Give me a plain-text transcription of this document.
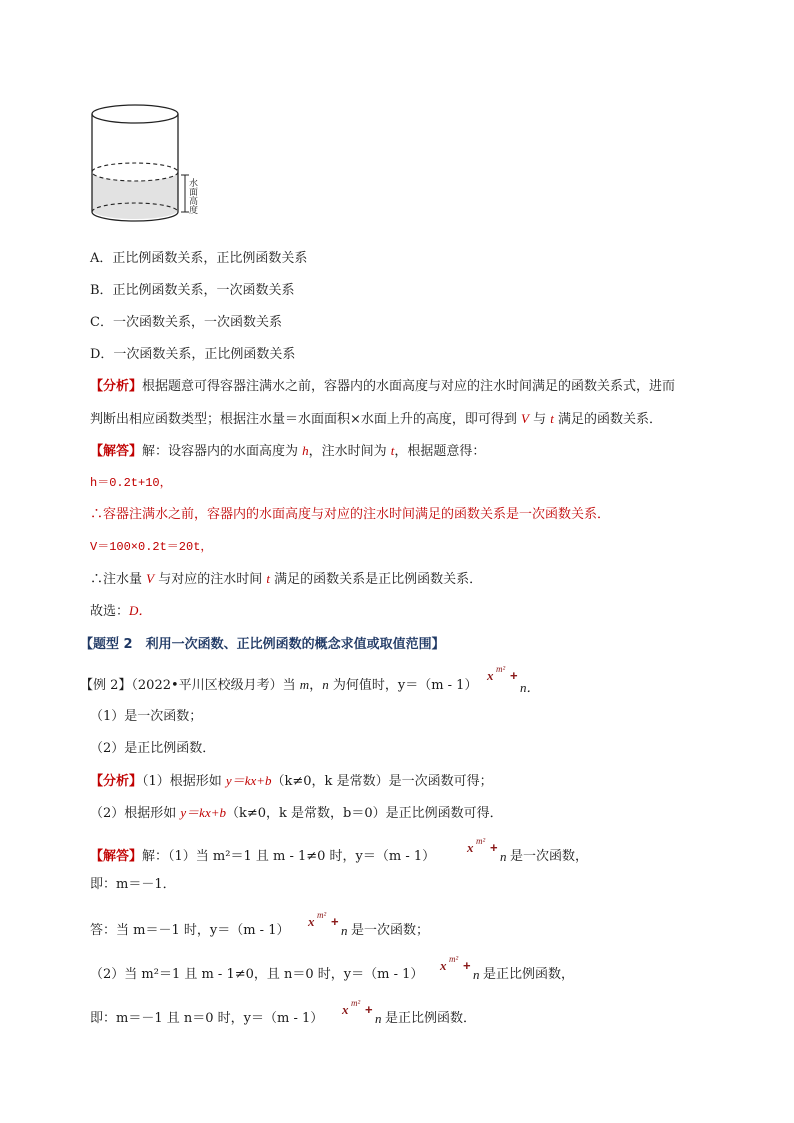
水面高度
A．正比例函数关系，正比例函数关系
B．正比例函数关系，一次函数关系
C．一次函数关系，一次函数关系
D．一次函数关系，正比例函数关系
【分析】根据题意可得容器注满水之前，容器内的水面高度与对应的注水时间满足的函数关系式，进而
判断出相应函数类型；根据注水量＝水面面积×水面上升的高度，即可得到 V 与 t 满足的函数关系．
【解答】解：设容器内的水面高度为 h，注水时间为 t，根据题意得：
h＝0.2t+10，
∴容器注满水之前，容器内的水面高度与对应的注水时间满足的函数关系是一次函数关系．
V＝100×0.2t＝20t，
∴注水量 V 与对应的注水时间 t 满足的函数关系是正比例函数关系．
故选：D．
【题型 2　利用一次函数、正比例函数的概念求值或取值范围】
【例 2】（2022•平川区校级月考）当 m，n 为何值时，y＝（m - 1）
x m² +
n．
（1）是一次函数；
（2）是正比例函数．
【分析】（1）根据形如 y＝kx+b（k≠0，k 是常数）是一次函数可得；
（2）根据形如 y＝kx+b（k≠0，k 是常数，b＝0）是正比例函数可得．
【解答】解：（1）当 m²＝1 且 m - 1≠0 时，y＝（m - 1）
x m² +
n 是一次函数，
即：m＝－1．
答：当 m＝－1 时，y＝（m - 1）
x m² +
n 是一次函数；
（2）当 m²＝1 且 m - 1≠0，且 n＝0 时，y＝（m - 1）
x m² +
n 是正比例函数，
即：m＝－1 且 n＝0 时，y＝（m - 1）
x m² +
n 是正比例函数．
